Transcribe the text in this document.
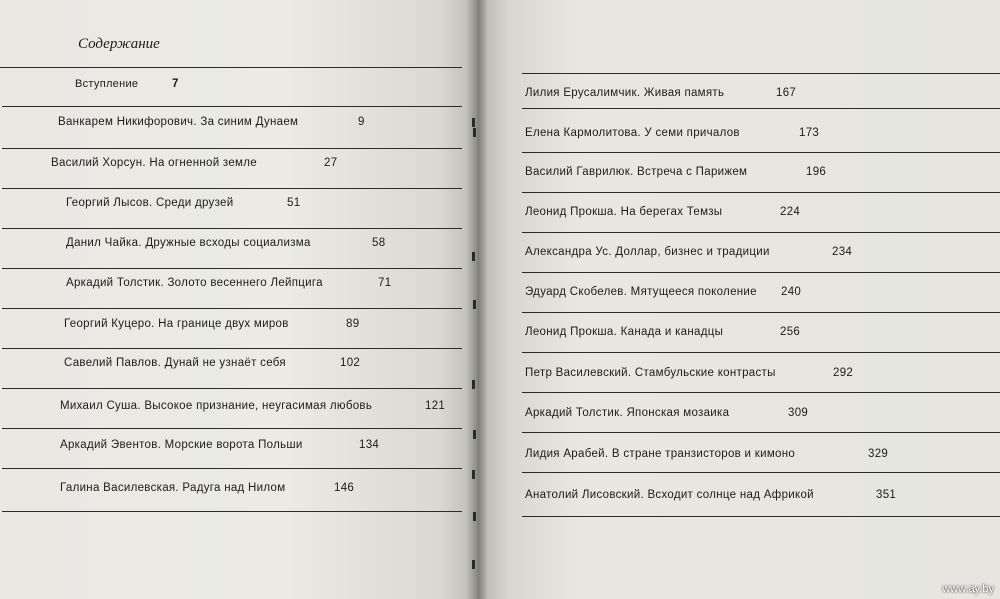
Содержание
Вступление	7
Ванкарем Никифорович. За синим Дунаем	9
Василий Хорсун. На огненной земле	27
Георгий Лысов. Среди друзей	51
Данил Чайка. Дружные всходы социализма	58
Аркадий Толстик. Золото весеннего Лейпцига	71
Георгий Куцеро. На границе двух миров	89
Савелий Павлов. Дунай не узнаёт себя	102
Михаил Суша. Высокое признание, неугасимая любовь	121
Аркадий Эвентов. Морские ворота Польши	134
Галина Василевская. Радуга над Нилом	146
Лилия Ерусалимчик. Живая память	167
Елена Кармолитова. У семи причалов	173
Василий Гаврилюк. Встреча с Парижем	196
Леонид Прокша. На берегах Темзы	224
Александра Ус. Доллар, бизнес и традиции	234
Эдуард Скобелев. Мятущееся поколение 240
Леонид Прокша. Канада и канадцы	256
Петр Василевский. Стамбульские контрасты	292
Аркадий Толстик. Японская мозаика	309
Лидия Арабей. В стране транзисторов и кимоно	329
Анатолий Лисовский. Всходит солнце над Африкой	351
www.ay.by
